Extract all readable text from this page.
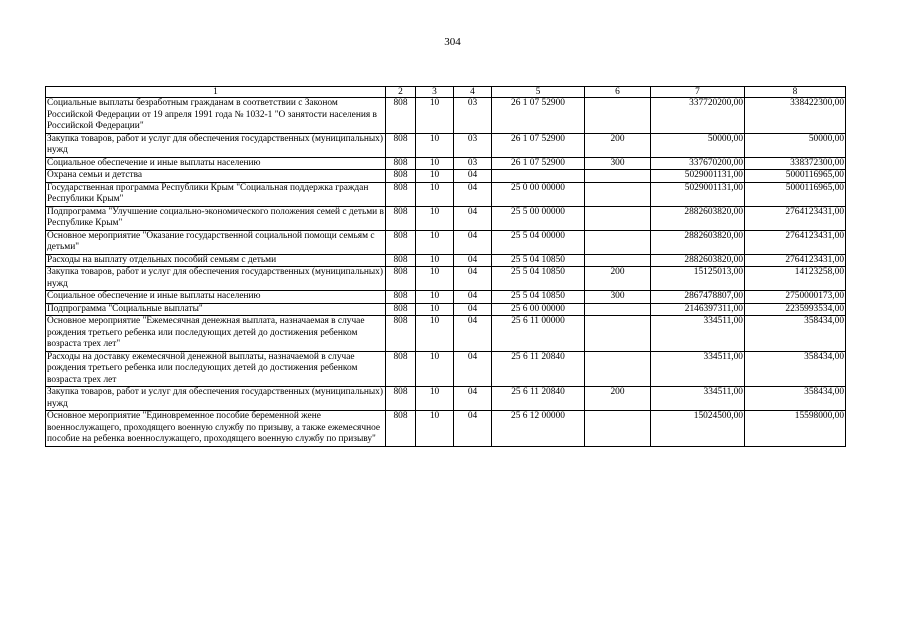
304
1	2	3	4	5	6	7	8
Социальные выплаты безработным гражданам в соответствии с Законом Российской Федерации от 19 апреля 1991 года № 1032-1 "О занятости населения в Российской Федерации"	808	10	03	26 1 07 52900		337720200,00	338422300,00
Закупка товаров, работ и услуг для обеспечения государственных (муниципальных) нужд	808	10	03	26 1 07 52900	200	50000,00	50000,00
Социальное обеспечение и иные выплаты населению	808	10	03	26 1 07 52900	300	337670200,00	338372300,00
Охрана семьи и детства	808	10	04			5029001131,00	5000116965,00
Государственная программа Республики Крым "Социальная поддержка граждан Республики Крым"	808	10	04	25 0 00 00000		5029001131,00	5000116965,00
Подпрограмма "Улучшение социально-экономического положения семей с детьми в Республике Крым"	808	10	04	25 5 00 00000		2882603820,00	2764123431,00
Основное мероприятие "Оказание государственной социальной помощи семьям с детьми"	808	10	04	25 5 04 00000		2882603820,00	2764123431,00
Расходы на выплату отдельных пособий семьям с детьми	808	10	04	25 5 04 10850		2882603820,00	2764123431,00
Закупка товаров, работ и услуг для обеспечения государственных (муниципальных) нужд	808	10	04	25 5 04 10850	200	15125013,00	14123258,00
Социальное обеспечение и иные выплаты населению	808	10	04	25 5 04 10850	300	2867478807,00	2750000173,00
Подпрограмма "Социальные выплаты"	808	10	04	25 6 00 00000		2146397311,00	2235993534,00
Основное мероприятие "Ежемесячная денежная выплата, назначаемая в случае рождения третьего ребенка или последующих детей до достижения ребенком возраста трех лет"	808	10	04	25 6 11 00000		334511,00	358434,00
Расходы на доставку ежемесячной денежной выплаты, назначаемой в случае рождения третьего ребенка или последующих детей до достижения ребенком возраста трех лет	808	10	04	25 6 11 20840		334511,00	358434,00
Закупка товаров, работ и услуг для обеспечения государственных (муниципальных) нужд	808	10	04	25 6 11 20840	200	334511,00	358434,00
Основное мероприятие "Единовременное пособие беременной жене военнослужащего, проходящего военную службу по призыву, а также ежемесячное пособие на ребенка военнослужащего, проходящего военную службу по призыву"	808	10	04	25 6 12 00000		15024500,00	15598000,00
